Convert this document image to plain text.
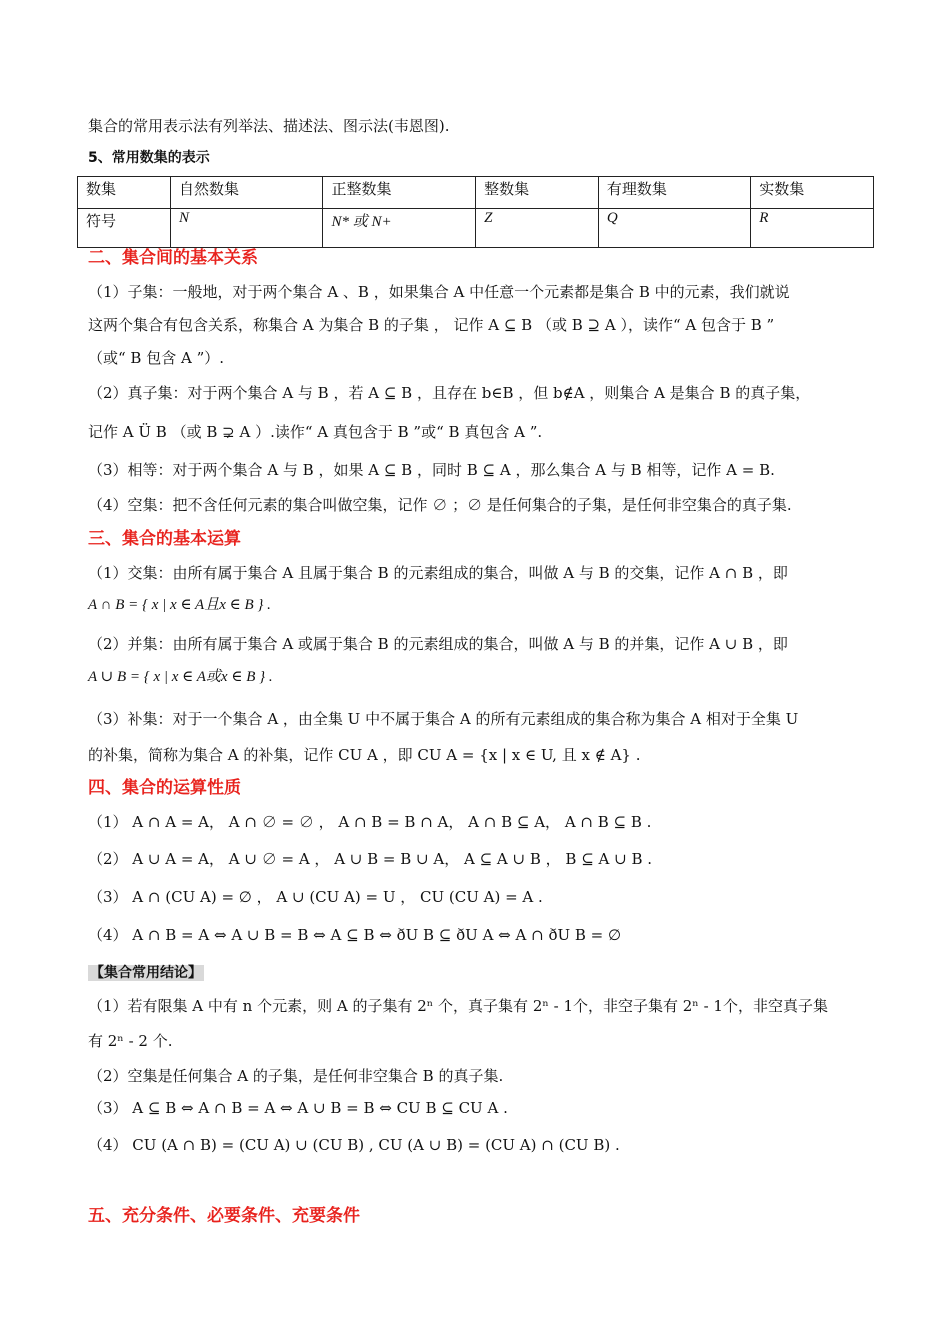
集合的常用表示法有列举法、描述法、图示法(韦恩图).
5、常用数集的表示
数集	自然数集	正整数集	整数集	有理数集	实数集
符号	N	N* 或 N+	Z	Q	R
二、集合间的基本关系
（1）子集：一般地，对于两个集合 A 、B ，如果集合 A 中任意一个元素都是集合 B 中的元素，我们就说
这两个集合有包含关系，称集合 A 为集合 B 的子集 ， 记作 A ⊆ B （或 B ⊇ A ），读作“ A 包含于 B ”
（或“ B 包含 A ”）.
（2）真子集：对于两个集合 A 与 B ，若 A ⊆ B ，且存在 b∈B ，但 b∉A ，则集合 A 是集合 B 的真子集，
记作 A Ü B （或 B ⊋ A ）.读作“ A 真包含于 B ”或“ B 真包含 A ”.
（3）相等：对于两个集合 A 与 B ，如果 A ⊆ B ，同时 B ⊆ A ，那么集合 A 与 B 相等，记作 A = B.
（4）空集：把不含任何元素的集合叫做空集，记作 ∅ ；∅ 是任何集合的子集，是任何非空集合的真子集.
三、集合的基本运算
（1）交集：由所有属于集合 A 且属于集合 B 的元素组成的集合，叫做 A 与 B 的交集，记作 A ∩ B ，即
A ∩ B = { x | x ∈ A且x ∈ B } .
（2）并集：由所有属于集合 A 或属于集合 B 的元素组成的集合，叫做 A 与 B 的并集，记作 A ∪ B ，即
A ∪ B = { x | x ∈ A或x ∈ B } .
（3）补集：对于一个集合 A ，由全集 U 中不属于集合 A 的所有元素组成的集合称为集合 A 相对于全集 U
的补集，简称为集合 A 的补集，记作 CU A ，即 CU A = {x | x ∈ U, 且 x ∉ A} .
四、集合的运算性质
（1） A ∩ A = A， A ∩ ∅ = ∅ ， A ∩ B = B ∩ A， A ∩ B ⊆ A， A ∩ B ⊆ B .
（2） A ∪ A = A， A ∪ ∅ = A ， A ∪ B = B ∪ A， A ⊆ A ∪ B ， B ⊆ A ∪ B .
（3） A ∩ (CU A) = ∅ ， A ∪ (CU A) = U ， CU (CU A) = A .
（4） A ∩ B = A ⇔ A ∪ B = B ⇔ A ⊆ B ⇔ ðU B ⊆ ðU A ⇔ A ∩ ðU B = ∅
【集合常用结论】
（1）若有限集 A 中有 n 个元素，则 A 的子集有 2ⁿ 个，真子集有 2ⁿ - 1个，非空子集有 2ⁿ - 1个，非空真子集
有 2ⁿ - 2 个.
（2）空集是任何集合 A 的子集，是任何非空集合 B 的真子集.
（3） A ⊆ B ⇔ A ∩ B = A ⇔ A ∪ B = B ⇔ CU B ⊆ CU A .
（4） CU (A ∩ B) = (CU A) ∪ (CU B) , CU (A ∪ B) = (CU A) ∩ (CU B) .
五、充分条件、必要条件、充要条件
